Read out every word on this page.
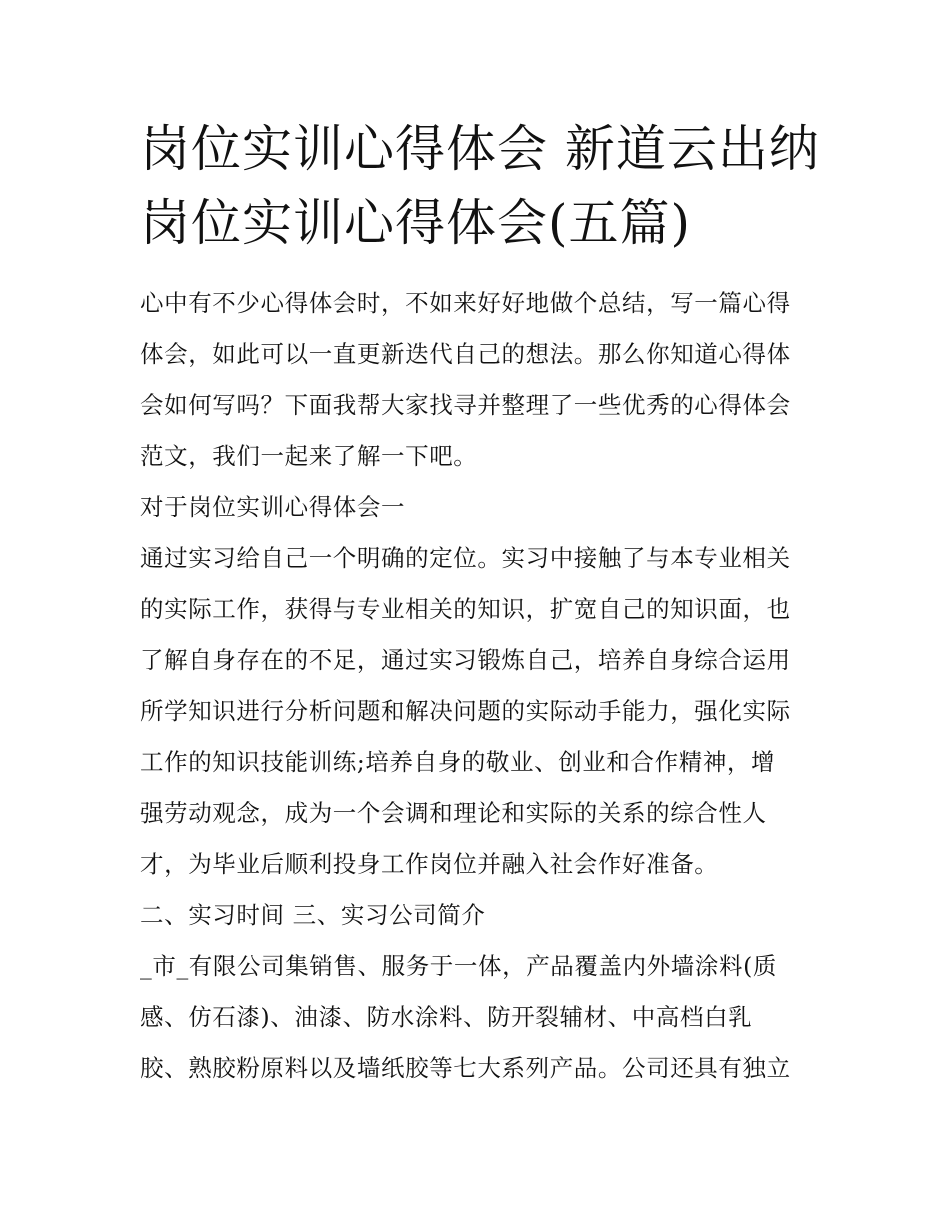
岗位实训心得体会 新道云出纳
岗位实训心得体会(五篇)
心中有不少心得体会时，不如来好好地做个总结，写一篇心得
体会，如此可以一直更新迭代自己的想法。那么你知道心得体
会如何写吗？下面我帮大家找寻并整理了一些优秀的心得体会
范文，我们一起来了解一下吧。
对于岗位实训心得体会一
通过实习给自己一个明确的定位。实习中接触了与本专业相关
的实际工作，获得与专业相关的知识，扩宽自己的知识面，也
了解自身存在的不足，通过实习锻炼自己，培养自身综合运用
所学知识进行分析问题和解决问题的实际动手能力，强化实际
工作的知识技能训练;培养自身的敬业、创业和合作精神，增
强劳动观念，成为一个会调和理论和实际的关系的综合性人
才，为毕业后顺利投身工作岗位并融入社会作好准备。
二、实习时间 三、实习公司简介
_市_有限公司集销售、服务于一体，产品覆盖内外墙涂料(质
感、仿石漆)、油漆、防水涂料、防开裂辅材、中高档白乳
胶、熟胶粉原料以及墙纸胶等七大系列产品。公司还具有独立
